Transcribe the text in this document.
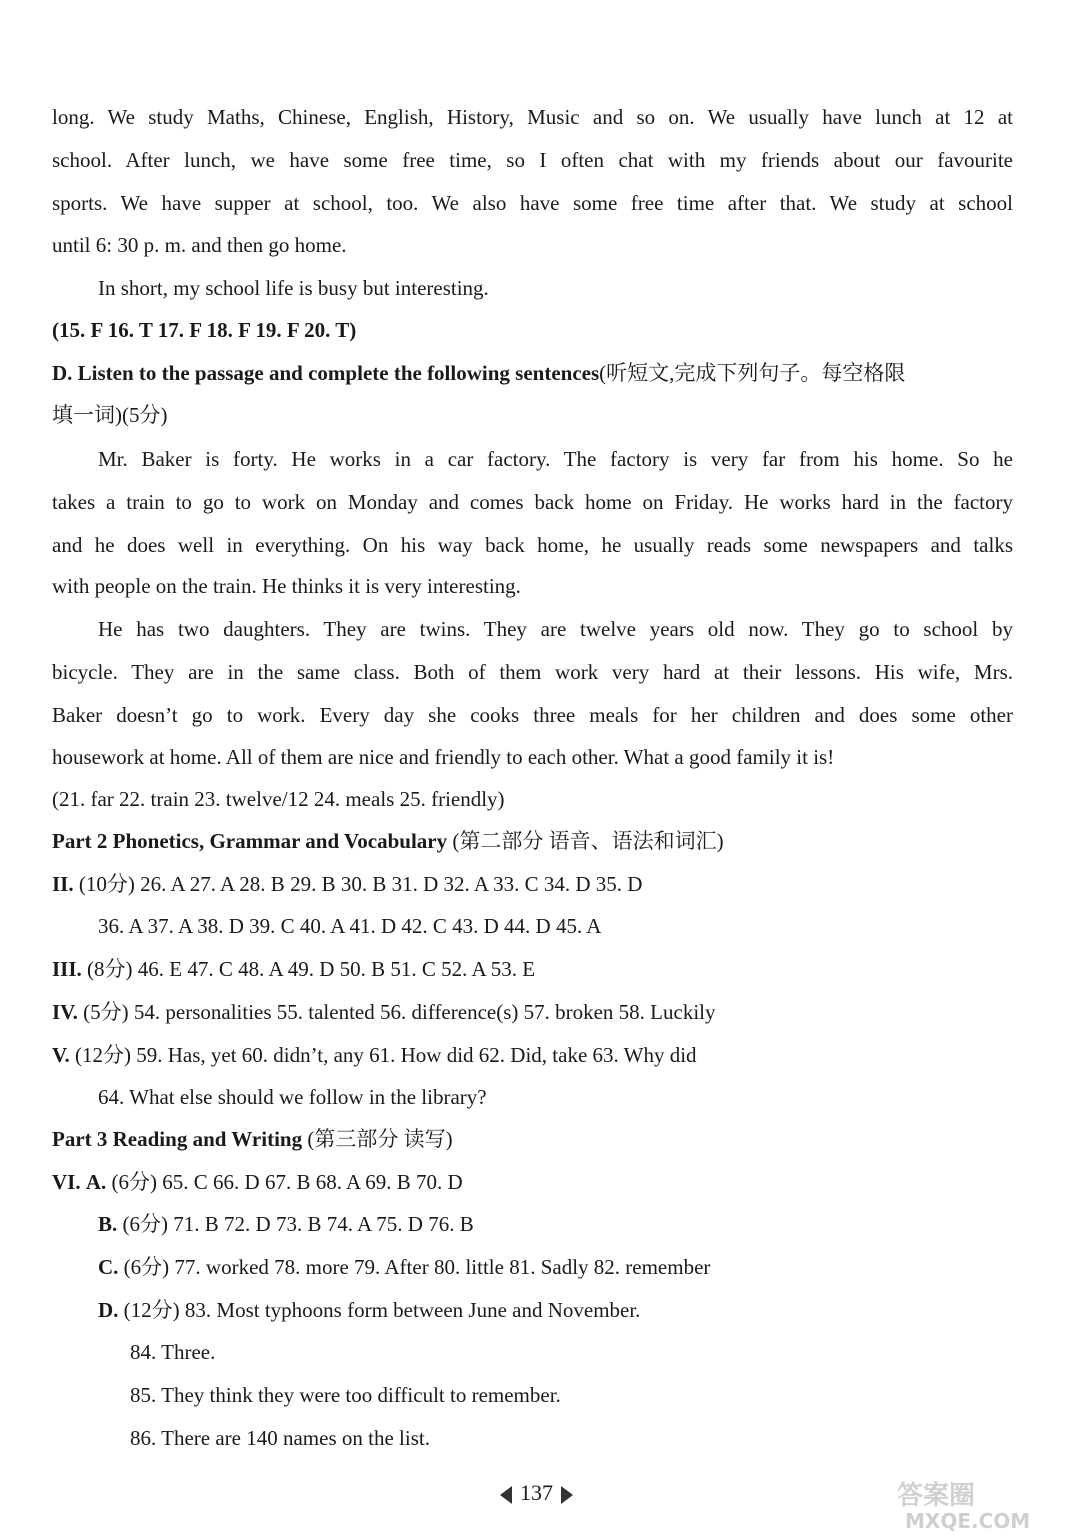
long. We study Maths, Chinese, English, History, Music and so on. We usually have lunch at 12 at
school. After lunch, we have some free time, so I often chat with my friends about our favourite
sports. We have supper at school, too. We also have some free time after that. We study at school
until 6: 30 p. m. and then go home.
In short, my school life is busy but interesting.
(15. F 16. T 17. F 18. F 19. F 20. T)
D. Listen to the passage and complete the following sentences(听短文,完成下列句子。每空格限
填一词)(5分)
Mr. Baker is forty. He works in a car factory. The factory is very far from his home. So he
takes a train to go to work on Monday and comes back home on Friday. He works hard in the factory
and he does well in everything. On his way back home, he usually reads some newspapers and talks
with people on the train. He thinks it is very interesting.
He has two daughters. They are twins. They are twelve years old now. They go to school by
bicycle. They are in the same class. Both of them work very hard at their lessons. His wife, Mrs.
Baker doesn’t go to work. Every day she cooks three meals for her children and does some other
housework at home. All of them are nice and friendly to each other. What a good family it is!
(21. far 22. train 23. twelve/12 24. meals 25. friendly)
Part 2 Phonetics, Grammar and Vocabulary (第二部分 语音、语法和词汇)
II. (10分) 26. A 27. A 28. B 29. B 30. B 31. D 32. A 33. C 34. D 35. D
36. A 37. A 38. D 39. C 40. A 41. D 42. C 43. D 44. D 45. A
III. (8分) 46. E 47. C 48. A 49. D 50. B 51. C 52. A 53. E
IV. (5分) 54. personalities 55. talented 56. difference(s) 57. broken 58. Luckily
V. (12分) 59. Has, yet 60. didn’t, any 61. How did 62. Did, take 63. Why did
64. What else should we follow in the library?
Part 3 Reading and Writing (第三部分 读写)
VI. A. (6分) 65. C 66. D 67. B 68. A 69. B 70. D
B. (6分) 71. B 72. D 73. B 74. A 75. D 76. B
C. (6分) 77. worked 78. more 79. After 80. little 81. Sadly 82. remember
D. (12分) 83. Most typhoons form between June and November.
84. Three.
85. They think they were too difficult to remember.
86. There are 140 names on the list.
137	答案圈
MXQE.COM
